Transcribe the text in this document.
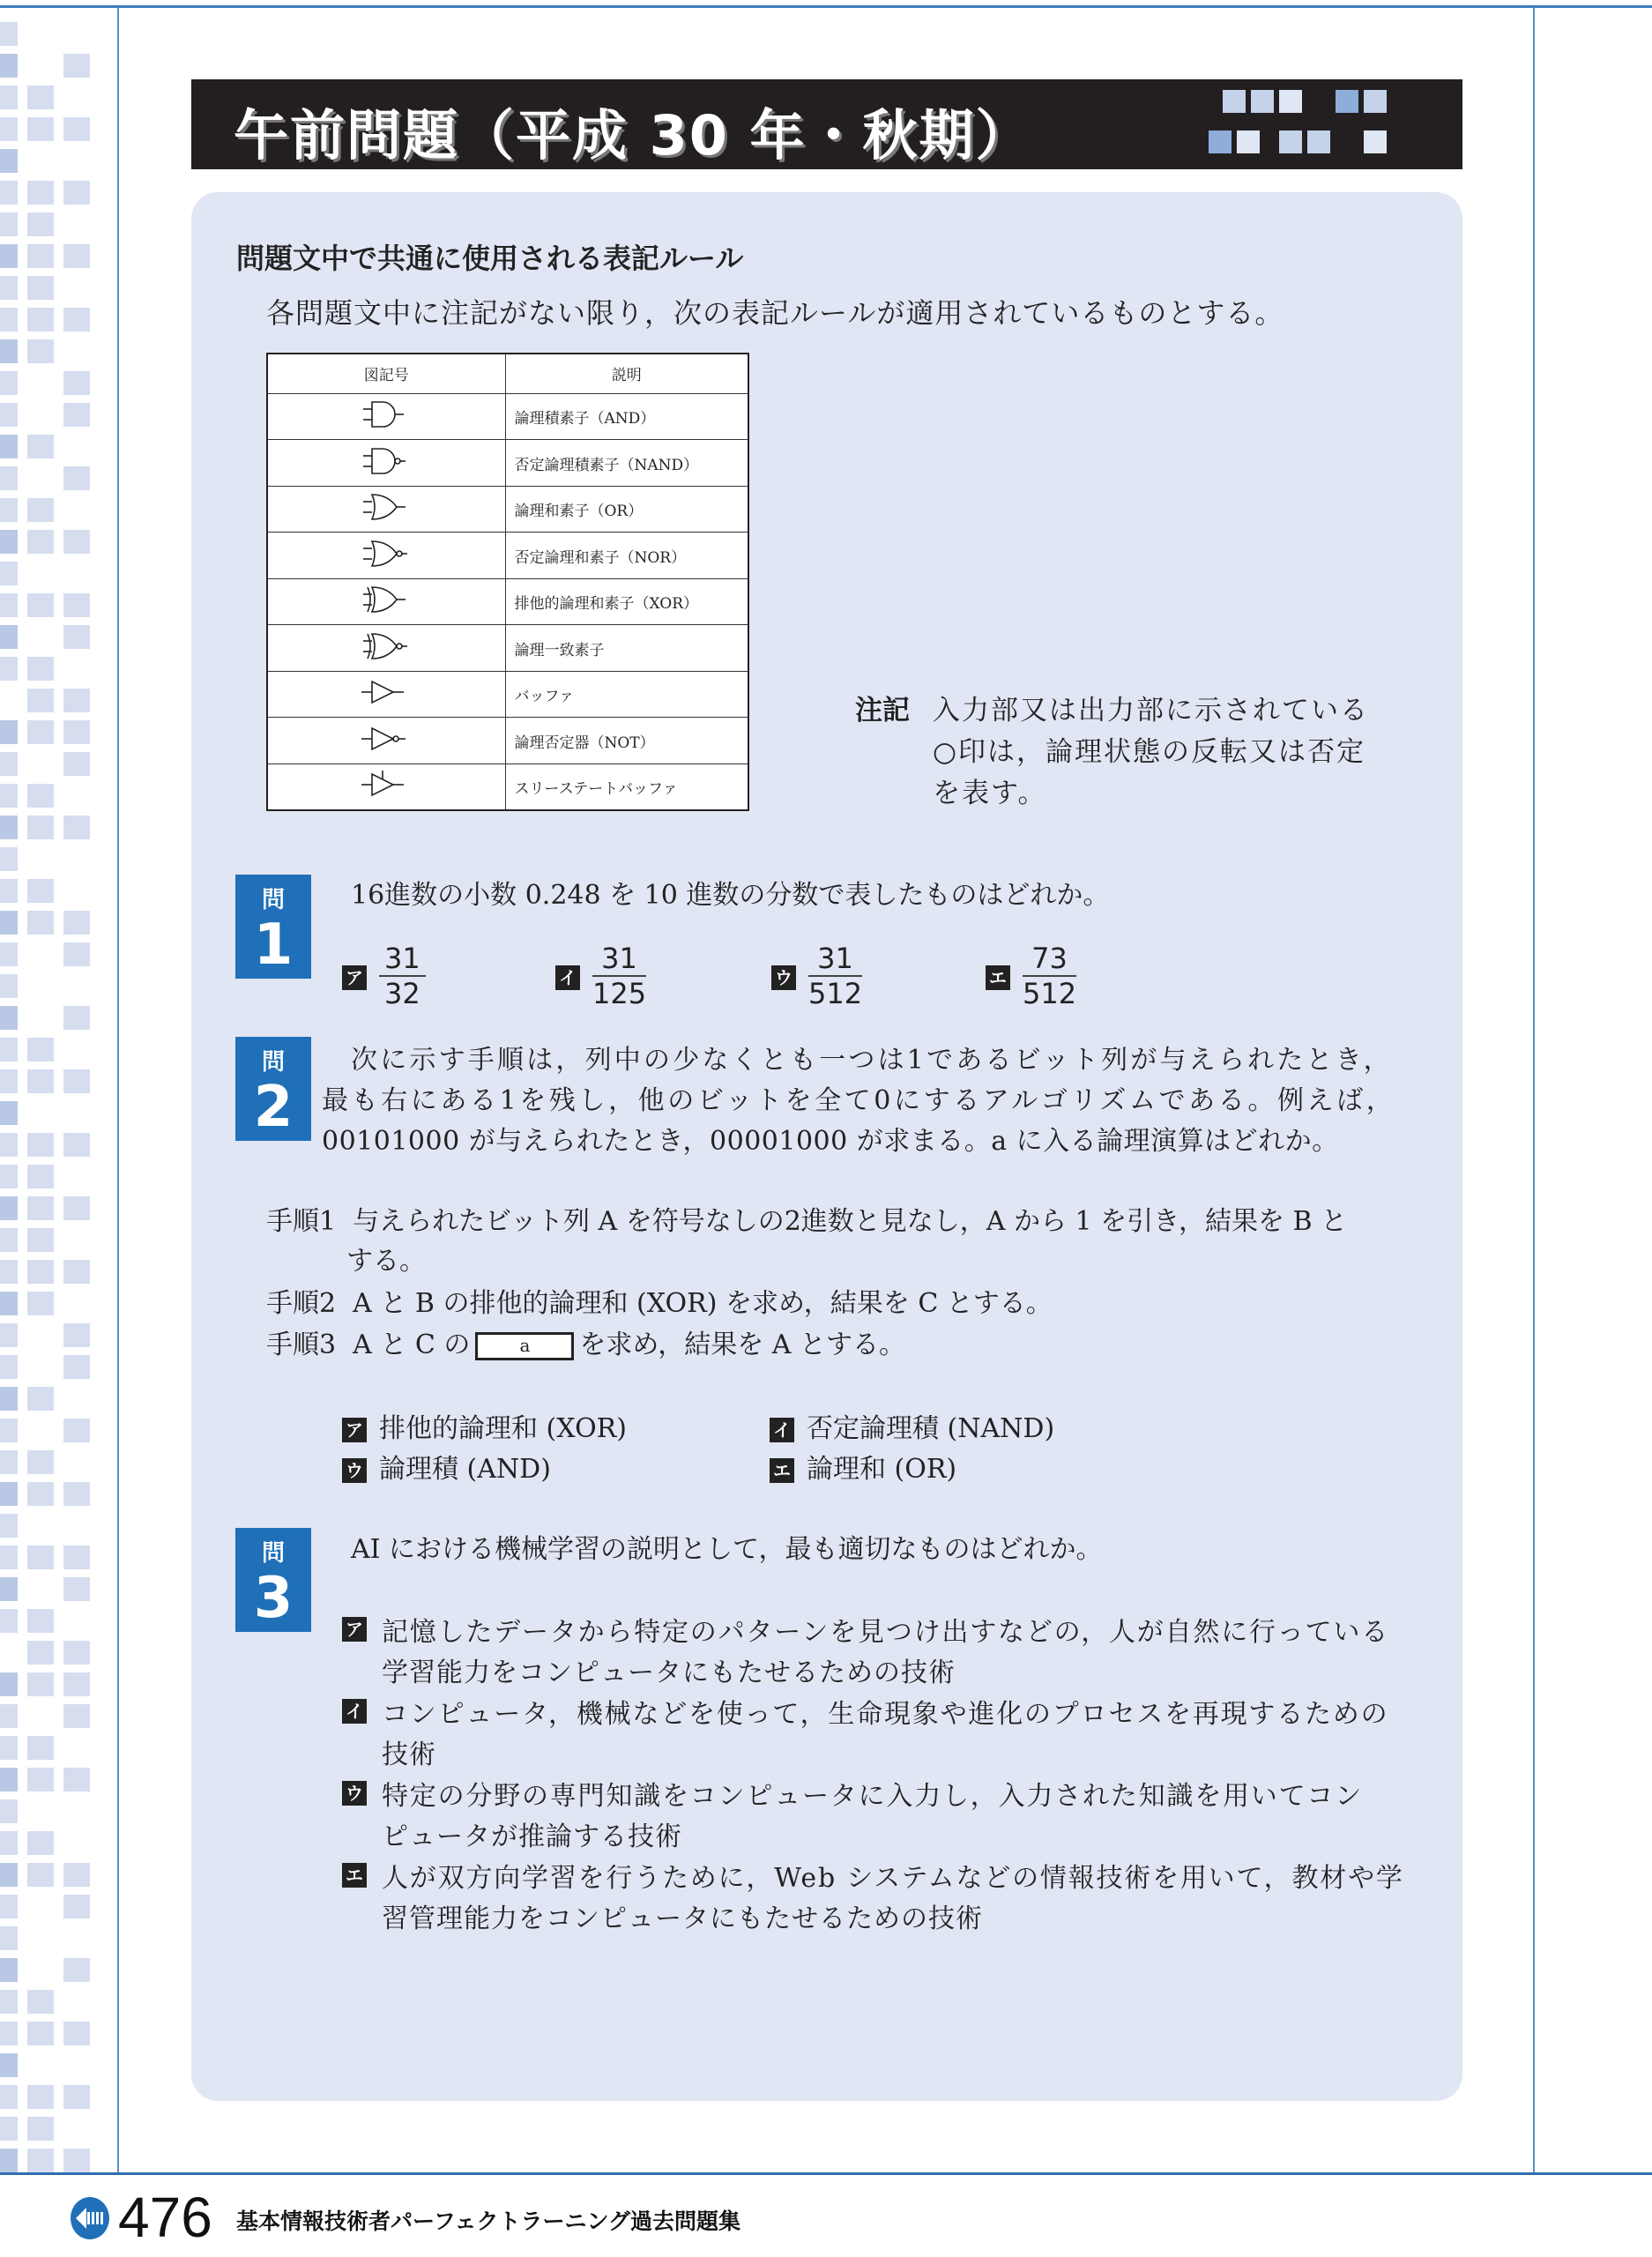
午前問題（平成 30 年・秋期）
問題文中で共通に使用される表記ルール
各問題文中に注記がない限り，次の表記ルールが適用されているものとする。
図記号	説明
	論理積素子（AND）
	否定論理積素子（NAND）
	論理和素子（OR）
	否定論理和素子（NOR）
	排他的論理和素子（XOR）
	論理一致素子
	バッファ
	論理否定器（NOT）
	スリーステートバッファ
注記 入力部又は出力部に示されている
○印は，論理状態の反転又は否定
を表す。
問
1
16進数の小数 0.248 を 10 進数の分数で表したものはどれか。
ア $\frac{31}{32}$	イ $\frac{31}{125}$	ウ $\frac{31}{512}$	エ $\frac{73}{512}$
問
2
次に示す手順は，列中の少なくとも一つは1であるビット列が与えられたとき，
最も右にある1を残し，他のビットを全て0にするアルゴリズムである。例えば，
00101000 が与えられたとき，00001000 が求まる。a に入る論理演算はどれか。
手順1 与えられたビット列 A を符号なしの2進数と見なし，A から 1 を引き，結果を B と
する。
手順2 A と B の排他的論理和 (XOR) を求め，結果を C とする。
手順3 A と C の	a を求め，結果を A とする。
ア 排他的論理和 (XOR)	イ 否定論理積 (NAND)
ウ 論理積 (AND)	エ 論理和 (OR)
問
3
AI における機械学習の説明として，最も適切なものはどれか。
ア 記憶したデータから特定のパターンを見つけ出すなどの，人が自然に行っている
学習能力をコンピュータにもたせるための技術
イ コンピュータ，機械などを使って，生命現象や進化のプロセスを再現するための
技術
ウ 特定の分野の専門知識をコンピュータに入力し，入力された知識を用いてコン
ピュータが推論する技術
エ 人が双方向学習を行うために，Web システムなどの情報技術を用いて，教材や学
習管理能力をコンピュータにもたせるための技術
476 基本情報技術者パーフェクトラーニング過去問題集
